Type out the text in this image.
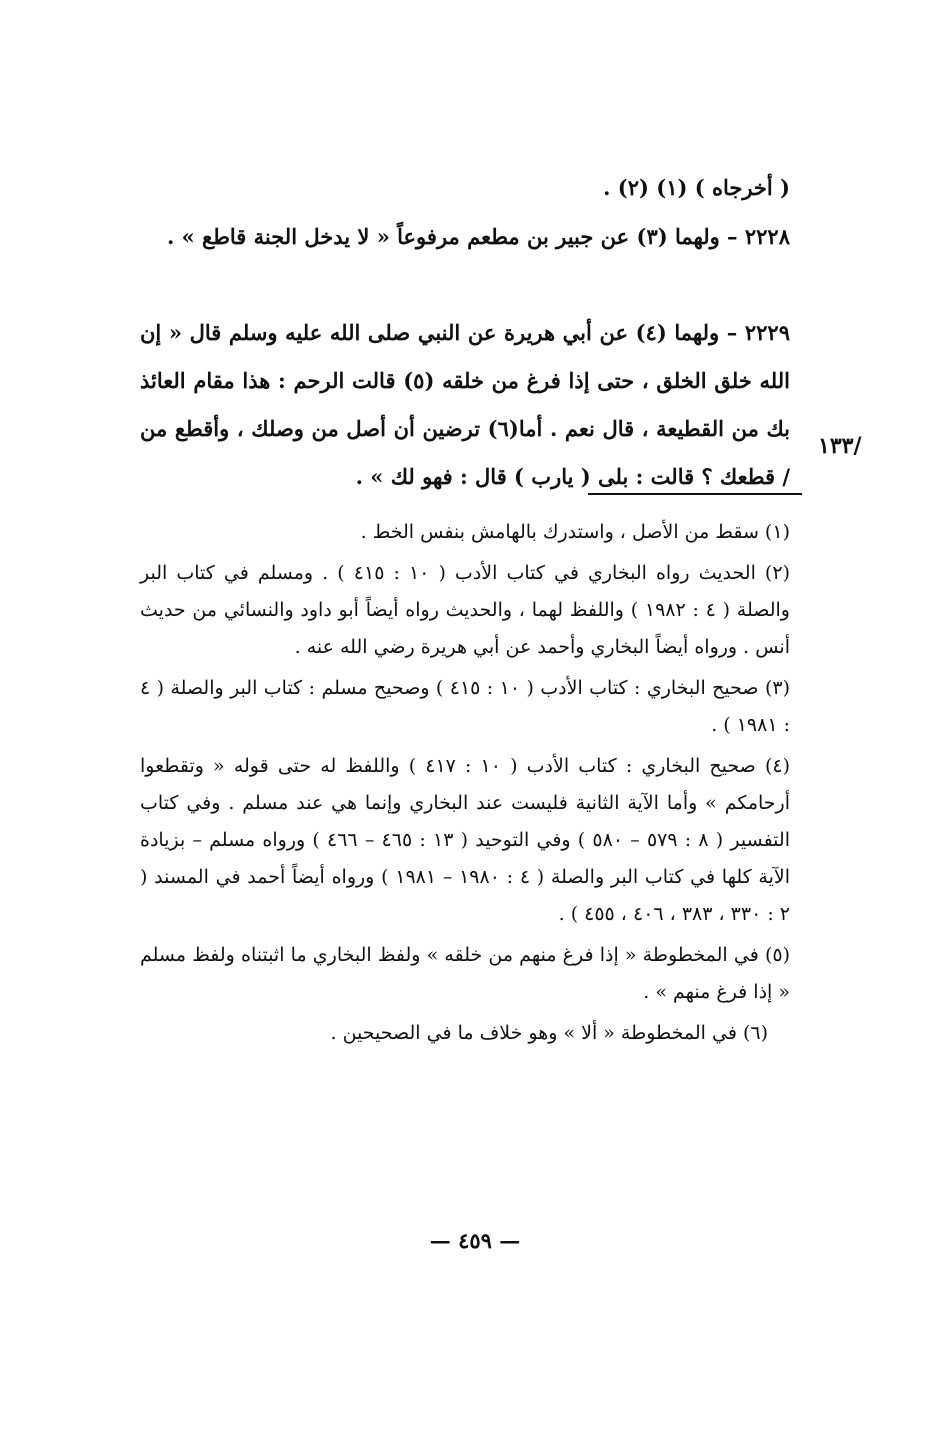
( أخرجاه ) (١) (٢) .

٢٢٢٨ – ولهما (٣) عن جبير بن مطعم مرفوعاً « لا يدخل الجنة قاطع » .

٢٢٢٩ – ولهما (٤) عن أبي هريرة عن النبي صلى الله عليه وسلم قال « إن الله خلق الخلق ، حتى إذا فرغ من خلقه (٥) قالت الرحم : هذا مقام العائذ بك من القطيعة ، قال نعم . أما(٦) ترضين أن أصل من وصلك ، وأقطع من / قطعك ؟ قالت : بلى ( يارب ) قال : فهو لك » .

/١٣٣

(١) سقط من الأصل ، واستدرك بالهامش بنفس الخط .

(٢) الحديث رواه البخاري في كتاب الأدب ( ١٠ : ٤١٥ ) . ومسلم في كتاب البر والصلة ( ٤ : ١٩٨٢ ) واللفظ لهما ، والحديث رواه أيضاً أبو داود والنسائي من حديث أنس . ورواه أيضاً البخاري وأحمد عن أبي هريرة رضي الله عنه .

(٣) صحيح البخاري : كتاب الأدب ( ١٠ : ٤١٥ ) وصحيح مسلم : كتاب البر والصلة ( ٤ : ١٩٨١ ) .

(٤) صحيح البخاري : كتاب الأدب ( ١٠ : ٤١٧ ) واللفظ له حتى قوله « وتقطعوا أرحامكم » وأما الآية الثانية فليست عند البخاري وإنما هي عند مسلم . وفي كتاب التفسير ( ٨ : ٥٧٩ – ٥٨٠ ) وفي التوحيد ( ١٣ : ٤٦٥ – ٤٦٦ ) ورواه مسلم – بزيادة الآية كلها في كتاب البر والصلة ( ٤ : ١٩٨٠ – ١٩٨١ ) ورواه أيضاً أحمد في المسند ( ٢ : ٣٣٠ ، ٣٨٣ ، ٤٠٦ ، ٤٥٥ ) .

(٥) في المخطوطة « إذا فرغ منهم من خلقه » ولفظ البخاري ما اثبتناه ولفظ مسلم « إذا فرغ منهم » .

(٦) في المخطوطة « ألا » وهو خلاف ما في الصحيحين .

— ٤٥٩ —
